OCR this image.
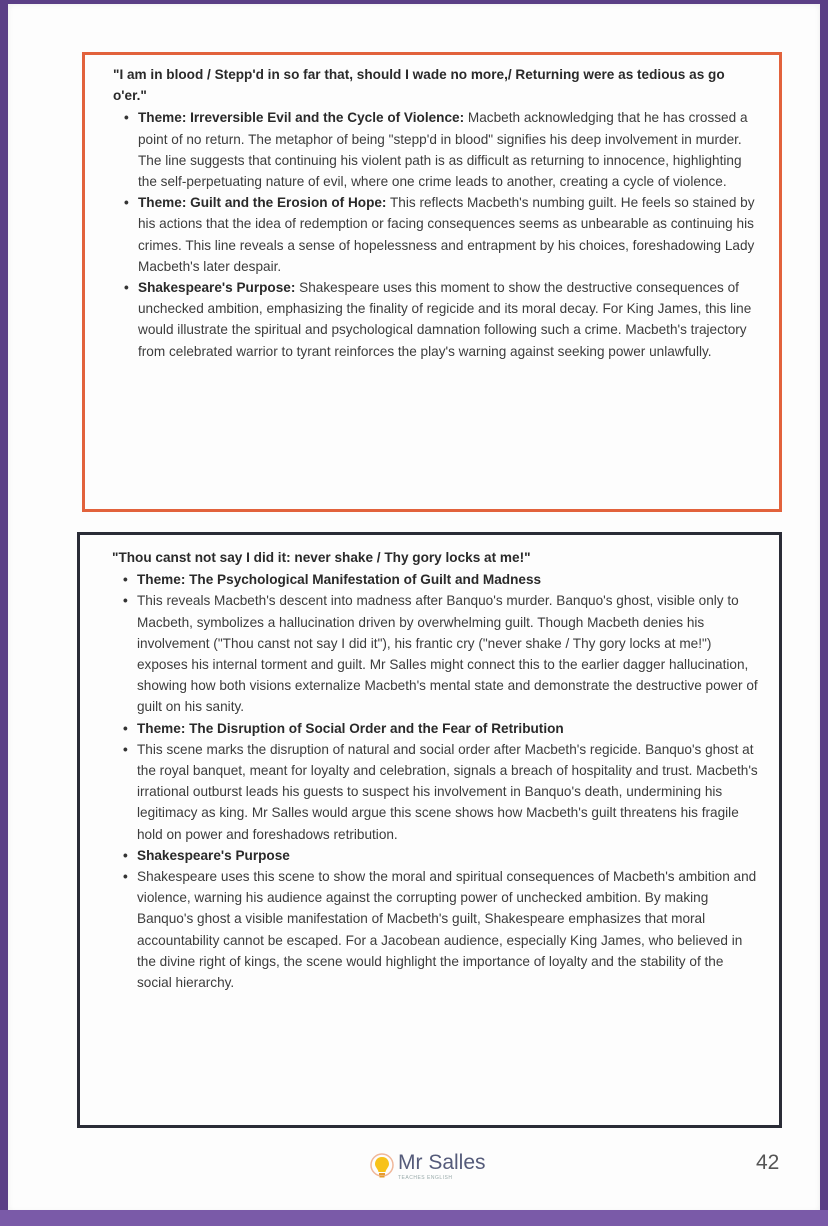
"I am in blood / Stepp'd in so far that, should I wade no more,/ Returning were as tedious as go o'er."

• Theme: Irreversible Evil and the Cycle of Violence: Macbeth acknowledging that he has crossed a point of no return. The metaphor of being "stepp'd in blood" signifies his deep involvement in murder. The line suggests that continuing his violent path is as difficult as returning to innocence, highlighting the self-perpetuating nature of evil, where one crime leads to another, creating a cycle of violence.
• Theme: Guilt and the Erosion of Hope: This reflects Macbeth's numbing guilt. He feels so stained by his actions that the idea of redemption or facing consequences seems as unbearable as continuing his crimes. This line reveals a sense of hopelessness and entrapment by his choices, foreshadowing Lady Macbeth's later despair.
• Shakespeare's Purpose: Shakespeare uses this moment to show the destructive consequences of unchecked ambition, emphasizing the finality of regicide and its moral decay. For King James, this line would illustrate the spiritual and psychological damnation following such a crime. Macbeth's trajectory from celebrated warrior to tyrant reinforces the play's warning against seeking power unlawfully.

"Thou canst not say I did it: never shake / Thy gory locks at me!"

• Theme: The Psychological Manifestation of Guilt and Madness
• This reveals Macbeth's descent into madness after Banquo's murder. Banquo's ghost, visible only to Macbeth, symbolizes a hallucination driven by overwhelming guilt. Though Macbeth denies his involvement ("Thou canst not say I did it"), his frantic cry ("never shake / Thy gory locks at me!") exposes his internal torment and guilt. Mr Salles might connect this to the earlier dagger hallucination, showing how both visions externalize Macbeth's mental state and demonstrate the destructive power of guilt on his sanity.
• Theme: The Disruption of Social Order and the Fear of Retribution
• This scene marks the disruption of natural and social order after Macbeth's regicide. Banquo's ghost at the royal banquet, meant for loyalty and celebration, signals a breach of hospitality and trust. Macbeth's irrational outburst leads his guests to suspect his involvement in Banquo's death, undermining his legitimacy as king. Mr Salles would argue this scene shows how Macbeth's guilt threatens his fragile hold on power and foreshadows retribution.
• Shakespeare's Purpose
• Shakespeare uses this scene to show the moral and spiritual consequences of Macbeth's ambition and violence, warning his audience against the corrupting power of unchecked ambition. By making Banquo's ghost a visible manifestation of Macbeth's guilt, Shakespeare emphasizes that moral accountability cannot be escaped. For a Jacobean audience, especially King James, who believed in the divine right of kings, the scene would highlight the importance of loyalty and the stability of the social hierarchy.
Mr Salles
TEACHES ENGLISH
42
